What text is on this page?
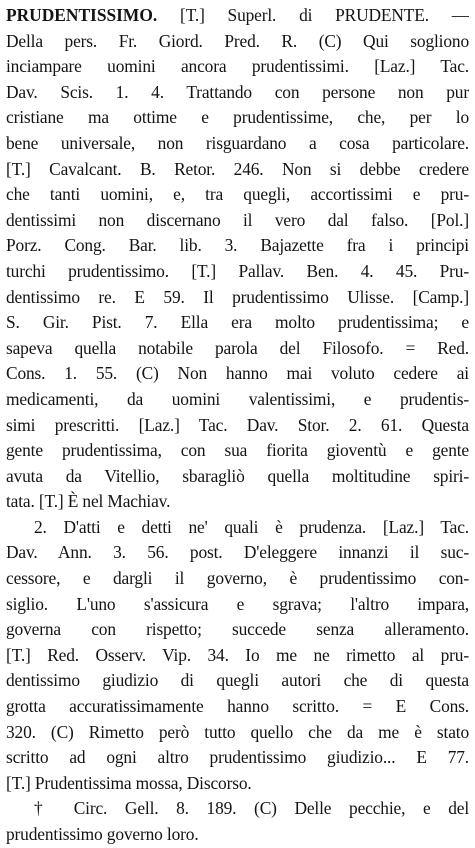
PRUDENTISSIMO. [T.] Superl. di PRUDENTE. —
Della pers. Fr. Giord. Pred. R. (C) Qui sogliono
inciampare uomini ancora prudentissimi. [Laz.] Tac.
Dav. Scis. 1. 4. Trattando con persone non pur
cristiane ma ottime e prudentissime, che, per lo
bene universale, non risguardano a cosa particolare.
[T.] Cavalcant. B. Retor. 246. Non si debbe credere
che tanti uomini, e, tra quegli, accortissimi e pru-
dentissimi non discernano il vero dal falso. [Pol.]
Porz. Cong. Bar. lib. 3. Bajazette fra i principi
turchi prudentissimo. [T.] Pallav. Ben. 4. 45. Pru-
dentissimo re. E 59. Il prudentissimo Ulisse. [Camp.]
S. Gir. Pist. 7. Ella era molto prudentissima; e
sapeva quella notabile parola del Filosofo. = Red.
Cons. 1. 55. (C) Non hanno mai voluto cedere ai
medicamenti, da uomini valentissimi, e prudentis-
simi prescritti. [Laz.] Tac. Dav. Stor. 2. 61. Questa
gente prudentissima, con sua fiorita gioventù e gente
avuta da Vitellio, sbaragliò quella moltitudine spiri-
tata. [T.] È nel Machiav.
2. D'atti e detti ne' quali è prudenza. [Laz.] Tac.
Dav. Ann. 3. 56. post. D'eleggere innanzi il suc-
cessore, e dargli il governo, è prudentissimo con-
siglio. L'uno s'assicura e sgrava; l'altro impara,
governa con rispetto; succede senza alleramento.
[T.] Red. Osserv. Vip. 34. Io me ne rimetto al pru-
dentissimo giudizio di quegli autori che di questa
grotta accuratissimamente hanno scritto. = E Cons.
320. (C) Rimetto però tutto quello che da me è stato
scritto ad ogni altro prudentissimo giudizio... E 77.
[T.] Prudentissima mossa, Discorso.
† Circ. Gell. 8. 189. (C) Delle pecchie, e del
prudentissimo governo loro.
